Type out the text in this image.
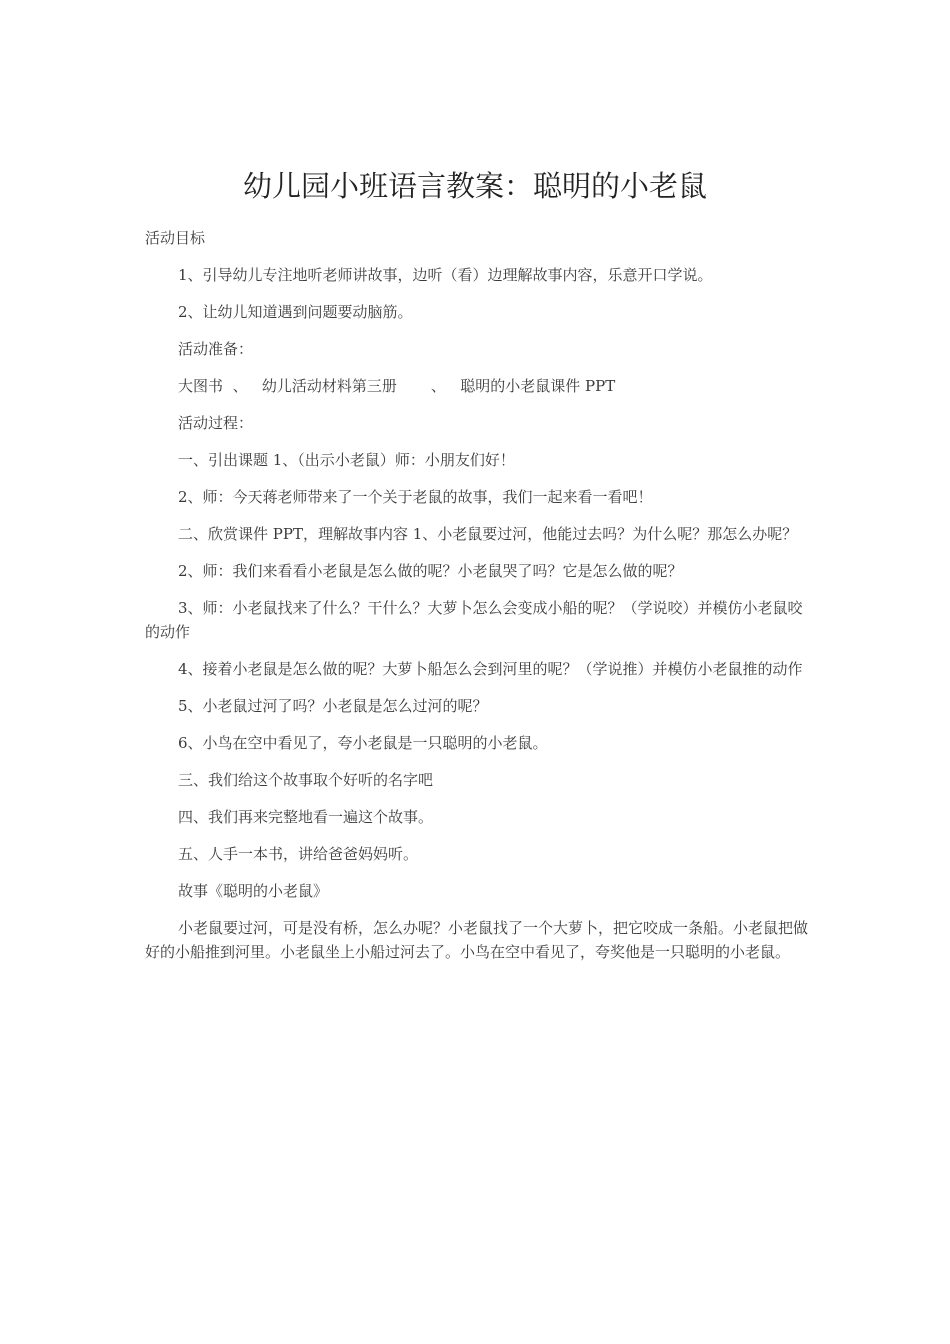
幼儿园小班语言教案：聪明的小老鼠

活动目标

1、引导幼儿专注地听老师讲故事，边听（看）边理解故事内容，乐意开口学说。

2、让幼儿知道遇到问题要动脑筋。

活动准备：

大图书 、 幼儿活动材料第三册 、 聪明的小老鼠课件 PPT

活动过程：

一、引出课题 1、（出示小老鼠）师：小朋友们好！

2、师：今天蒋老师带来了一个关于老鼠的故事，我们一起来看一看吧！

二、欣赏课件 PPT，理解故事内容 1、小老鼠要过河，他能过去吗？为什么呢？那怎么办呢？

2、师：我们来看看小老鼠是怎么做的呢？小老鼠哭了吗？它是怎么做的呢？

3、师：小老鼠找来了什么？干什么？大萝卜怎么会变成小船的呢？（学说咬）并模仿小老鼠咬的动作

4、接着小老鼠是怎么做的呢？大萝卜船怎么会到河里的呢？（学说推）并模仿小老鼠推的动作

5、小老鼠过河了吗？小老鼠是怎么过河的呢？

6、小鸟在空中看见了，夸小老鼠是一只聪明的小老鼠。

三、我们给这个故事取个好听的名字吧

四、我们再来完整地看一遍这个故事。

五、人手一本书，讲给爸爸妈妈听。

故事《聪明的小老鼠》

小老鼠要过河，可是没有桥，怎么办呢？小老鼠找了一个大萝卜，把它咬成一条船。小老鼠把做好的小船推到河里。小老鼠坐上小船过河去了。小鸟在空中看见了，夸奖他是一只聪明的小老鼠。
